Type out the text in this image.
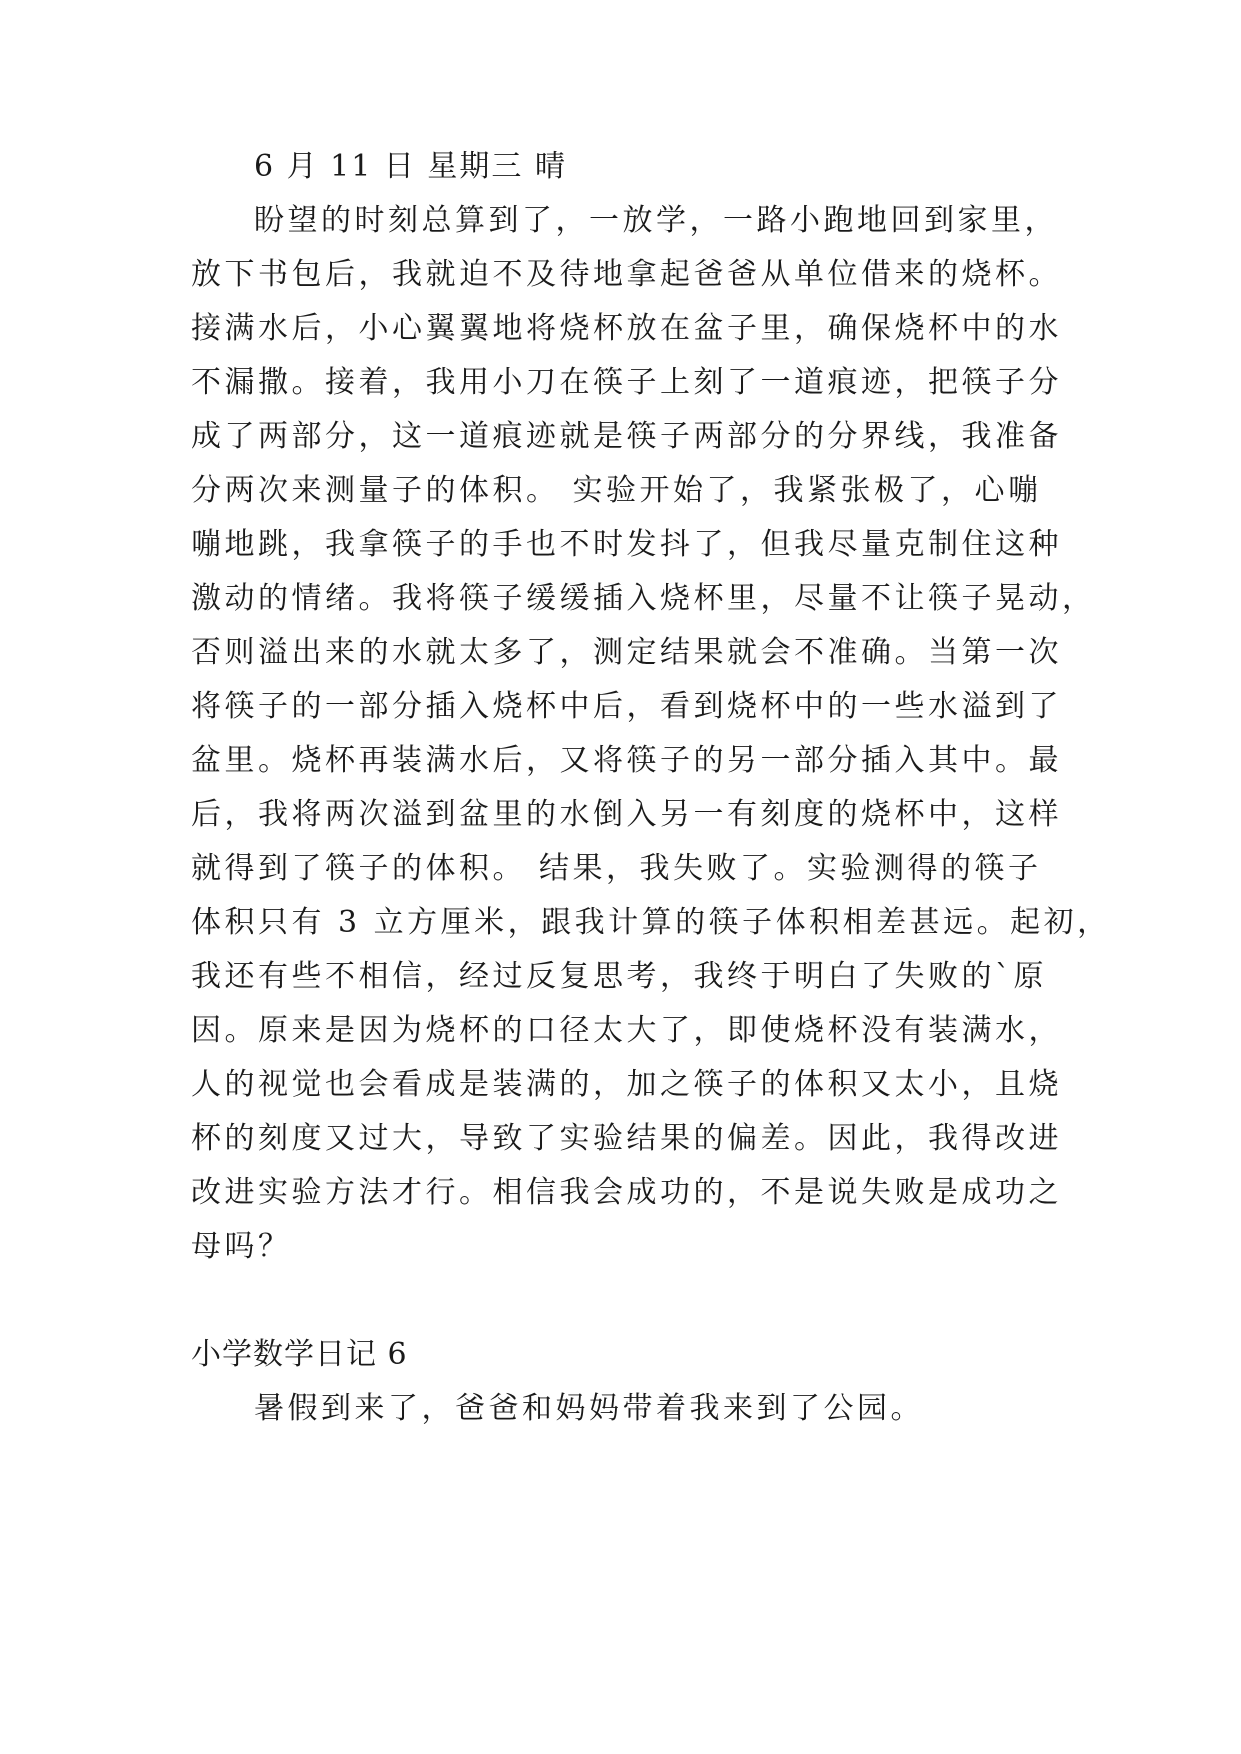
6 月 11 日 星期三 晴
盼望的时刻总算到了，一放学，一路小跑地回到家里，
放下书包后，我就迫不及待地拿起爸爸从单位借来的烧杯。
接满水后，小心翼翼地将烧杯放在盆子里，确保烧杯中的水
不漏撒。接着，我用小刀在筷子上刻了一道痕迹，把筷子分
成了两部分，这一道痕迹就是筷子两部分的分界线，我准备
分两次来测量子的体积。 实验开始了，我紧张极了，心嘣
嘣地跳，我拿筷子的手也不时发抖了，但我尽量克制住这种
激动的情绪。我将筷子缓缓插入烧杯里，尽量不让筷子晃动，
否则溢出来的水就太多了，测定结果就会不准确。当第一次
将筷子的一部分插入烧杯中后，看到烧杯中的一些水溢到了
盆里。烧杯再装满水后，又将筷子的另一部分插入其中。最
后，我将两次溢到盆里的水倒入另一有刻度的烧杯中，这样
就得到了筷子的体积。 结果，我失败了。实验测得的筷子
体积只有 3 立方厘米，跟我计算的筷子体积相差甚远。起初，
我还有些不相信，经过反复思考，我终于明白了失败的`原
因。原来是因为烧杯的口径太大了，即使烧杯没有装满水，
人的视觉也会看成是装满的，加之筷子的体积又太小，且烧
杯的刻度又过大，导致了实验结果的偏差。因此，我得改进
改进实验方法才行。相信我会成功的，不是说失败是成功之
母吗？
小学数学日记 6
暑假到来了，爸爸和妈妈带着我来到了公园。
